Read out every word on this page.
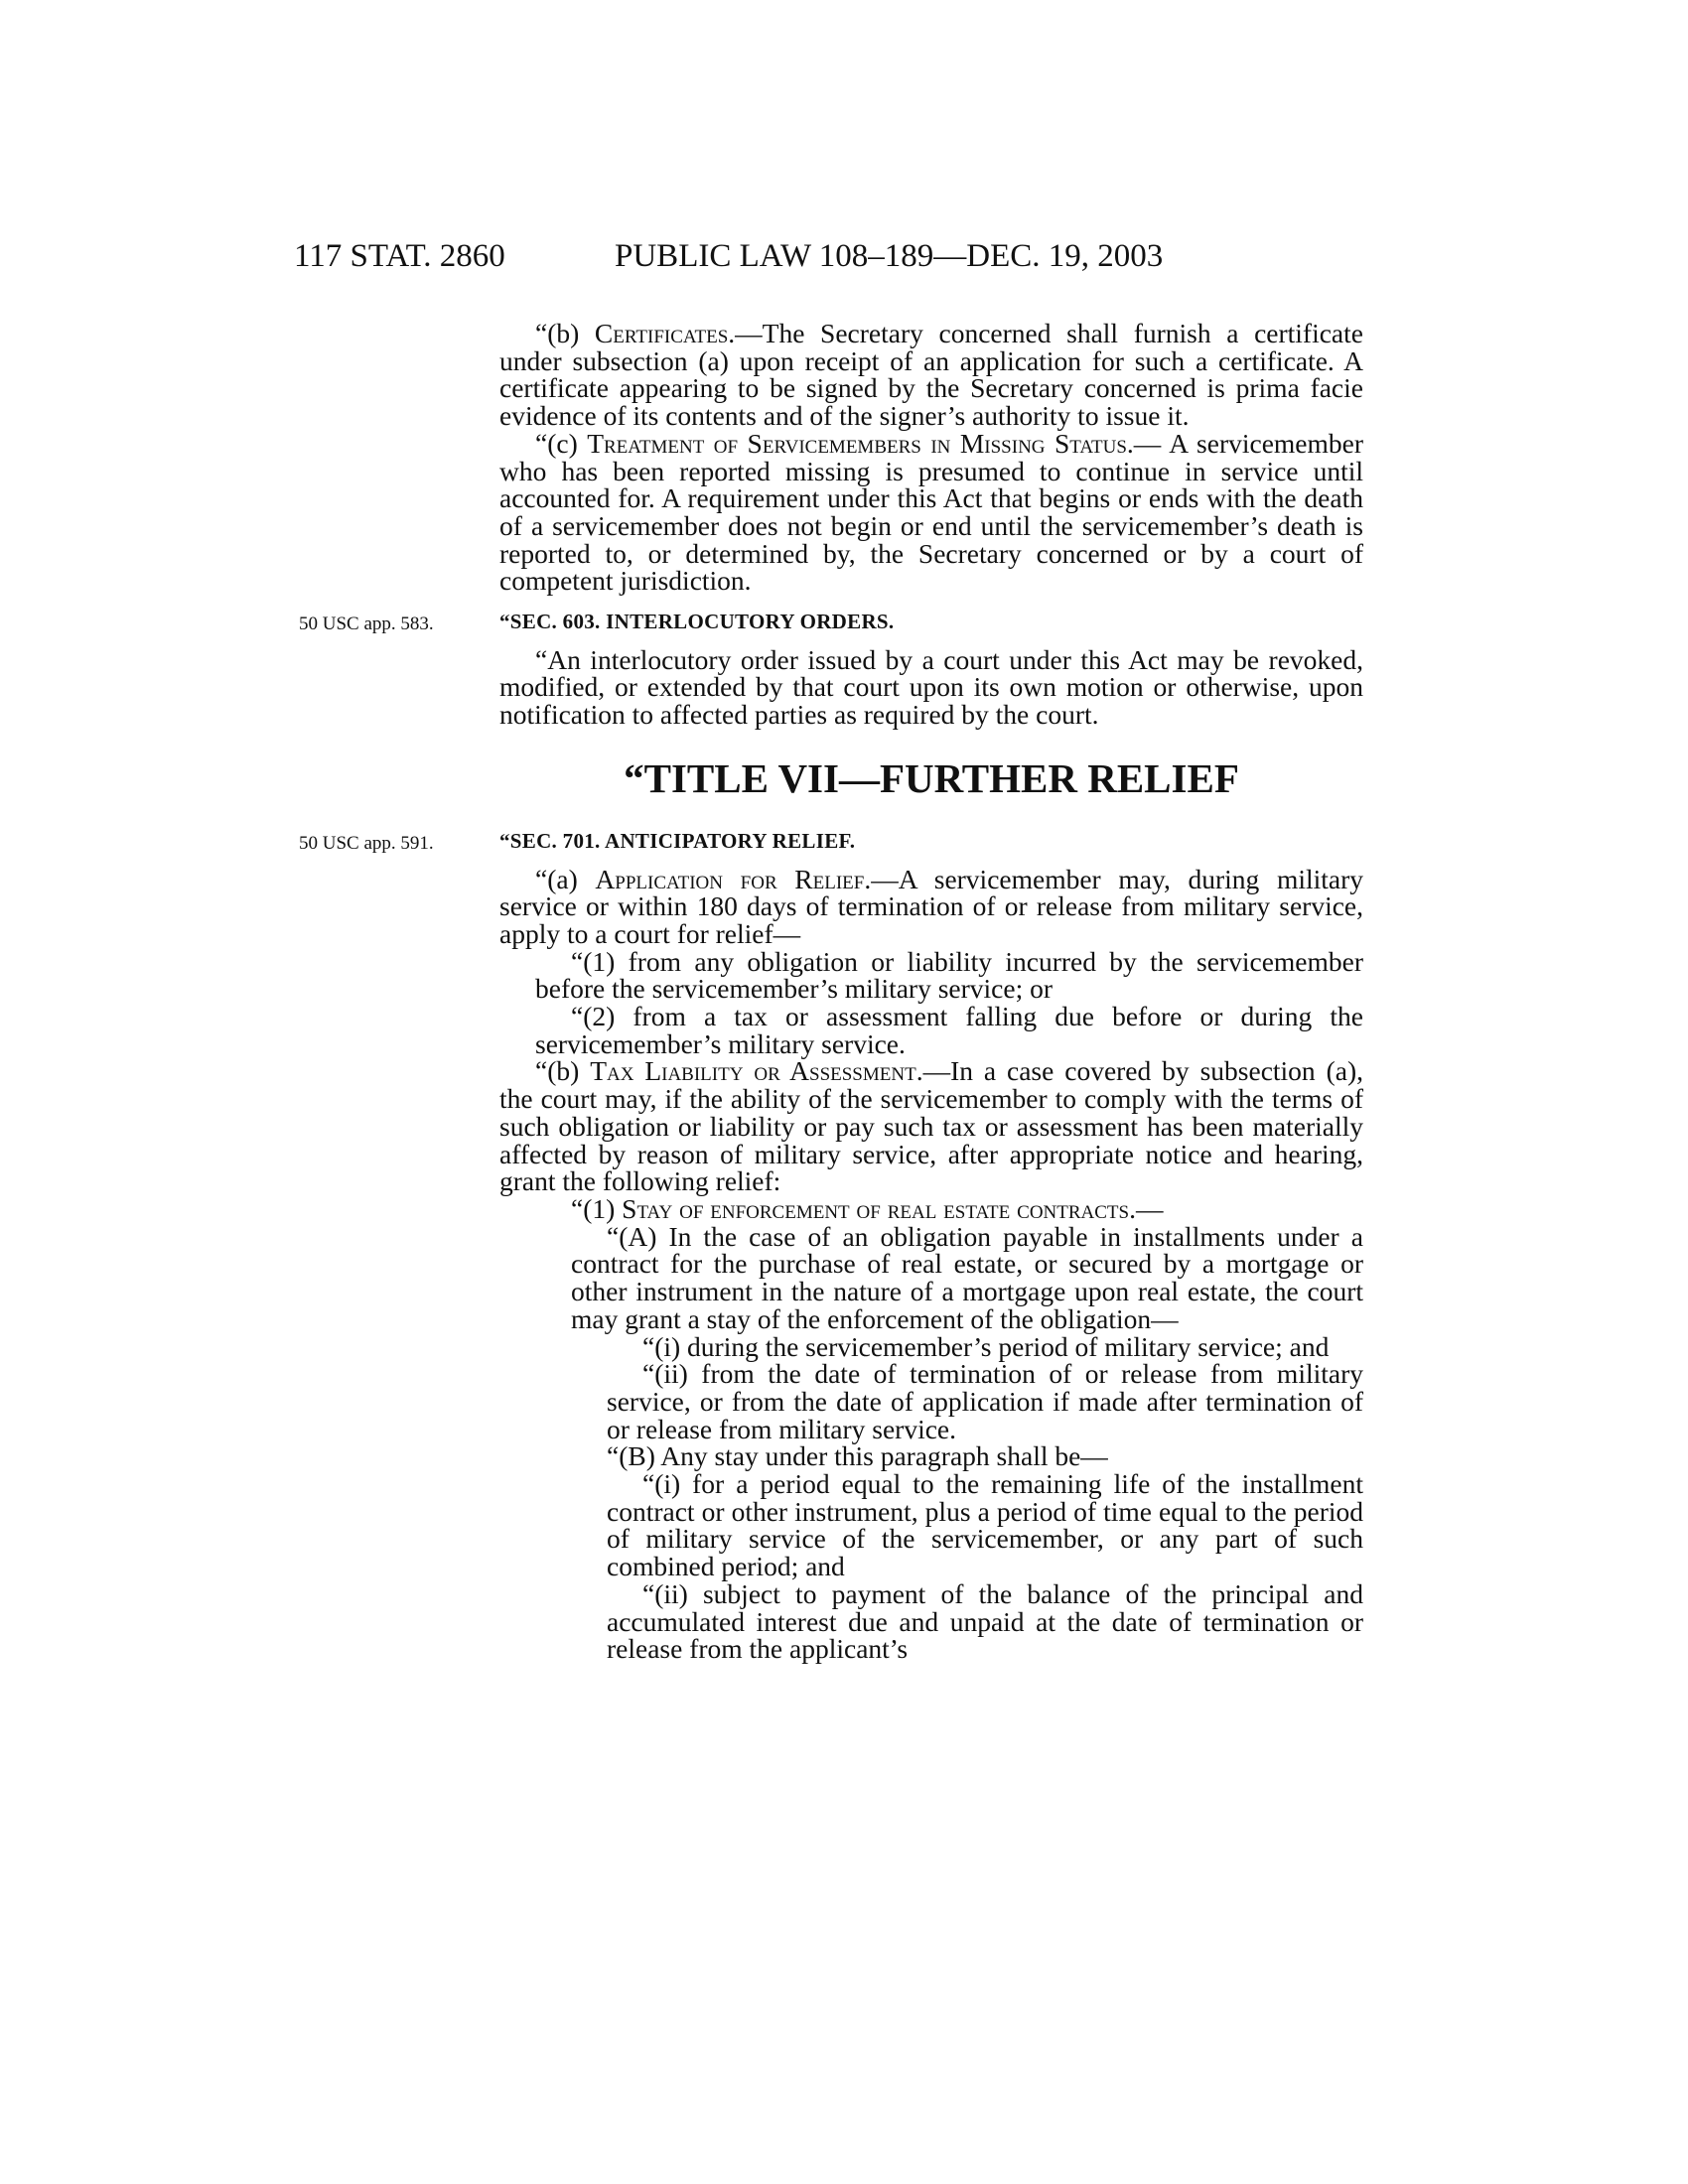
117 STAT. 2860	PUBLIC LAW 108–189—DEC. 19, 2003

“(b) Certificates.—The Secretary concerned shall furnish a certificate under subsection (a) upon receipt of an application for such a certificate. A certificate appearing to be signed by the Secretary concerned is prima facie evidence of its contents and of the signer’s authority to issue it.

“(c) Treatment of Servicemembers in Missing Status.— A servicemember who has been reported missing is presumed to continue in service until accounted for. A requirement under this Act that begins or ends with the death of a servicemember does not begin or end until the servicemember’s death is reported to, or determined by, the Secretary concerned or by a court of competent jurisdiction.

50 USC app. 583.	“SEC. 603. INTERLOCUTORY ORDERS.

“An interlocutory order issued by a court under this Act may be revoked, modified, or extended by that court upon its own motion or otherwise, upon notification to affected parties as required by the court.

“TITLE VII—FURTHER RELIEF

50 USC app. 591.	“SEC. 701. ANTICIPATORY RELIEF.

“(a) Application for Relief.—A servicemember may, during military service or within 180 days of termination of or release from military service, apply to a court for relief—

“(1) from any obligation or liability incurred by the servicemember before the servicemember’s military service; or

“(2) from a tax or assessment falling due before or during the servicemember’s military service.

“(b) Tax Liability or Assessment.—In a case covered by subsection (a), the court may, if the ability of the servicemember to comply with the terms of such obligation or liability or pay such tax or assessment has been materially affected by reason of military service, after appropriate notice and hearing, grant the following relief:

“(1) Stay of enforcement of real estate contracts.—

“(A) In the case of an obligation payable in installments under a contract for the purchase of real estate, or secured by a mortgage or other instrument in the nature of a mortgage upon real estate, the court may grant a stay of the enforcement of the obligation—

“(i) during the servicemember’s period of military service; and

“(ii) from the date of termination of or release from military service, or from the date of application if made after termination of or release from military service.

“(B) Any stay under this paragraph shall be—

“(i) for a period equal to the remaining life of the installment contract or other instrument, plus a period of time equal to the period of military service of the servicemember, or any part of such combined period; and

“(ii) subject to payment of the balance of the principal and accumulated interest due and unpaid at the date of termination or release from the applicant’s
